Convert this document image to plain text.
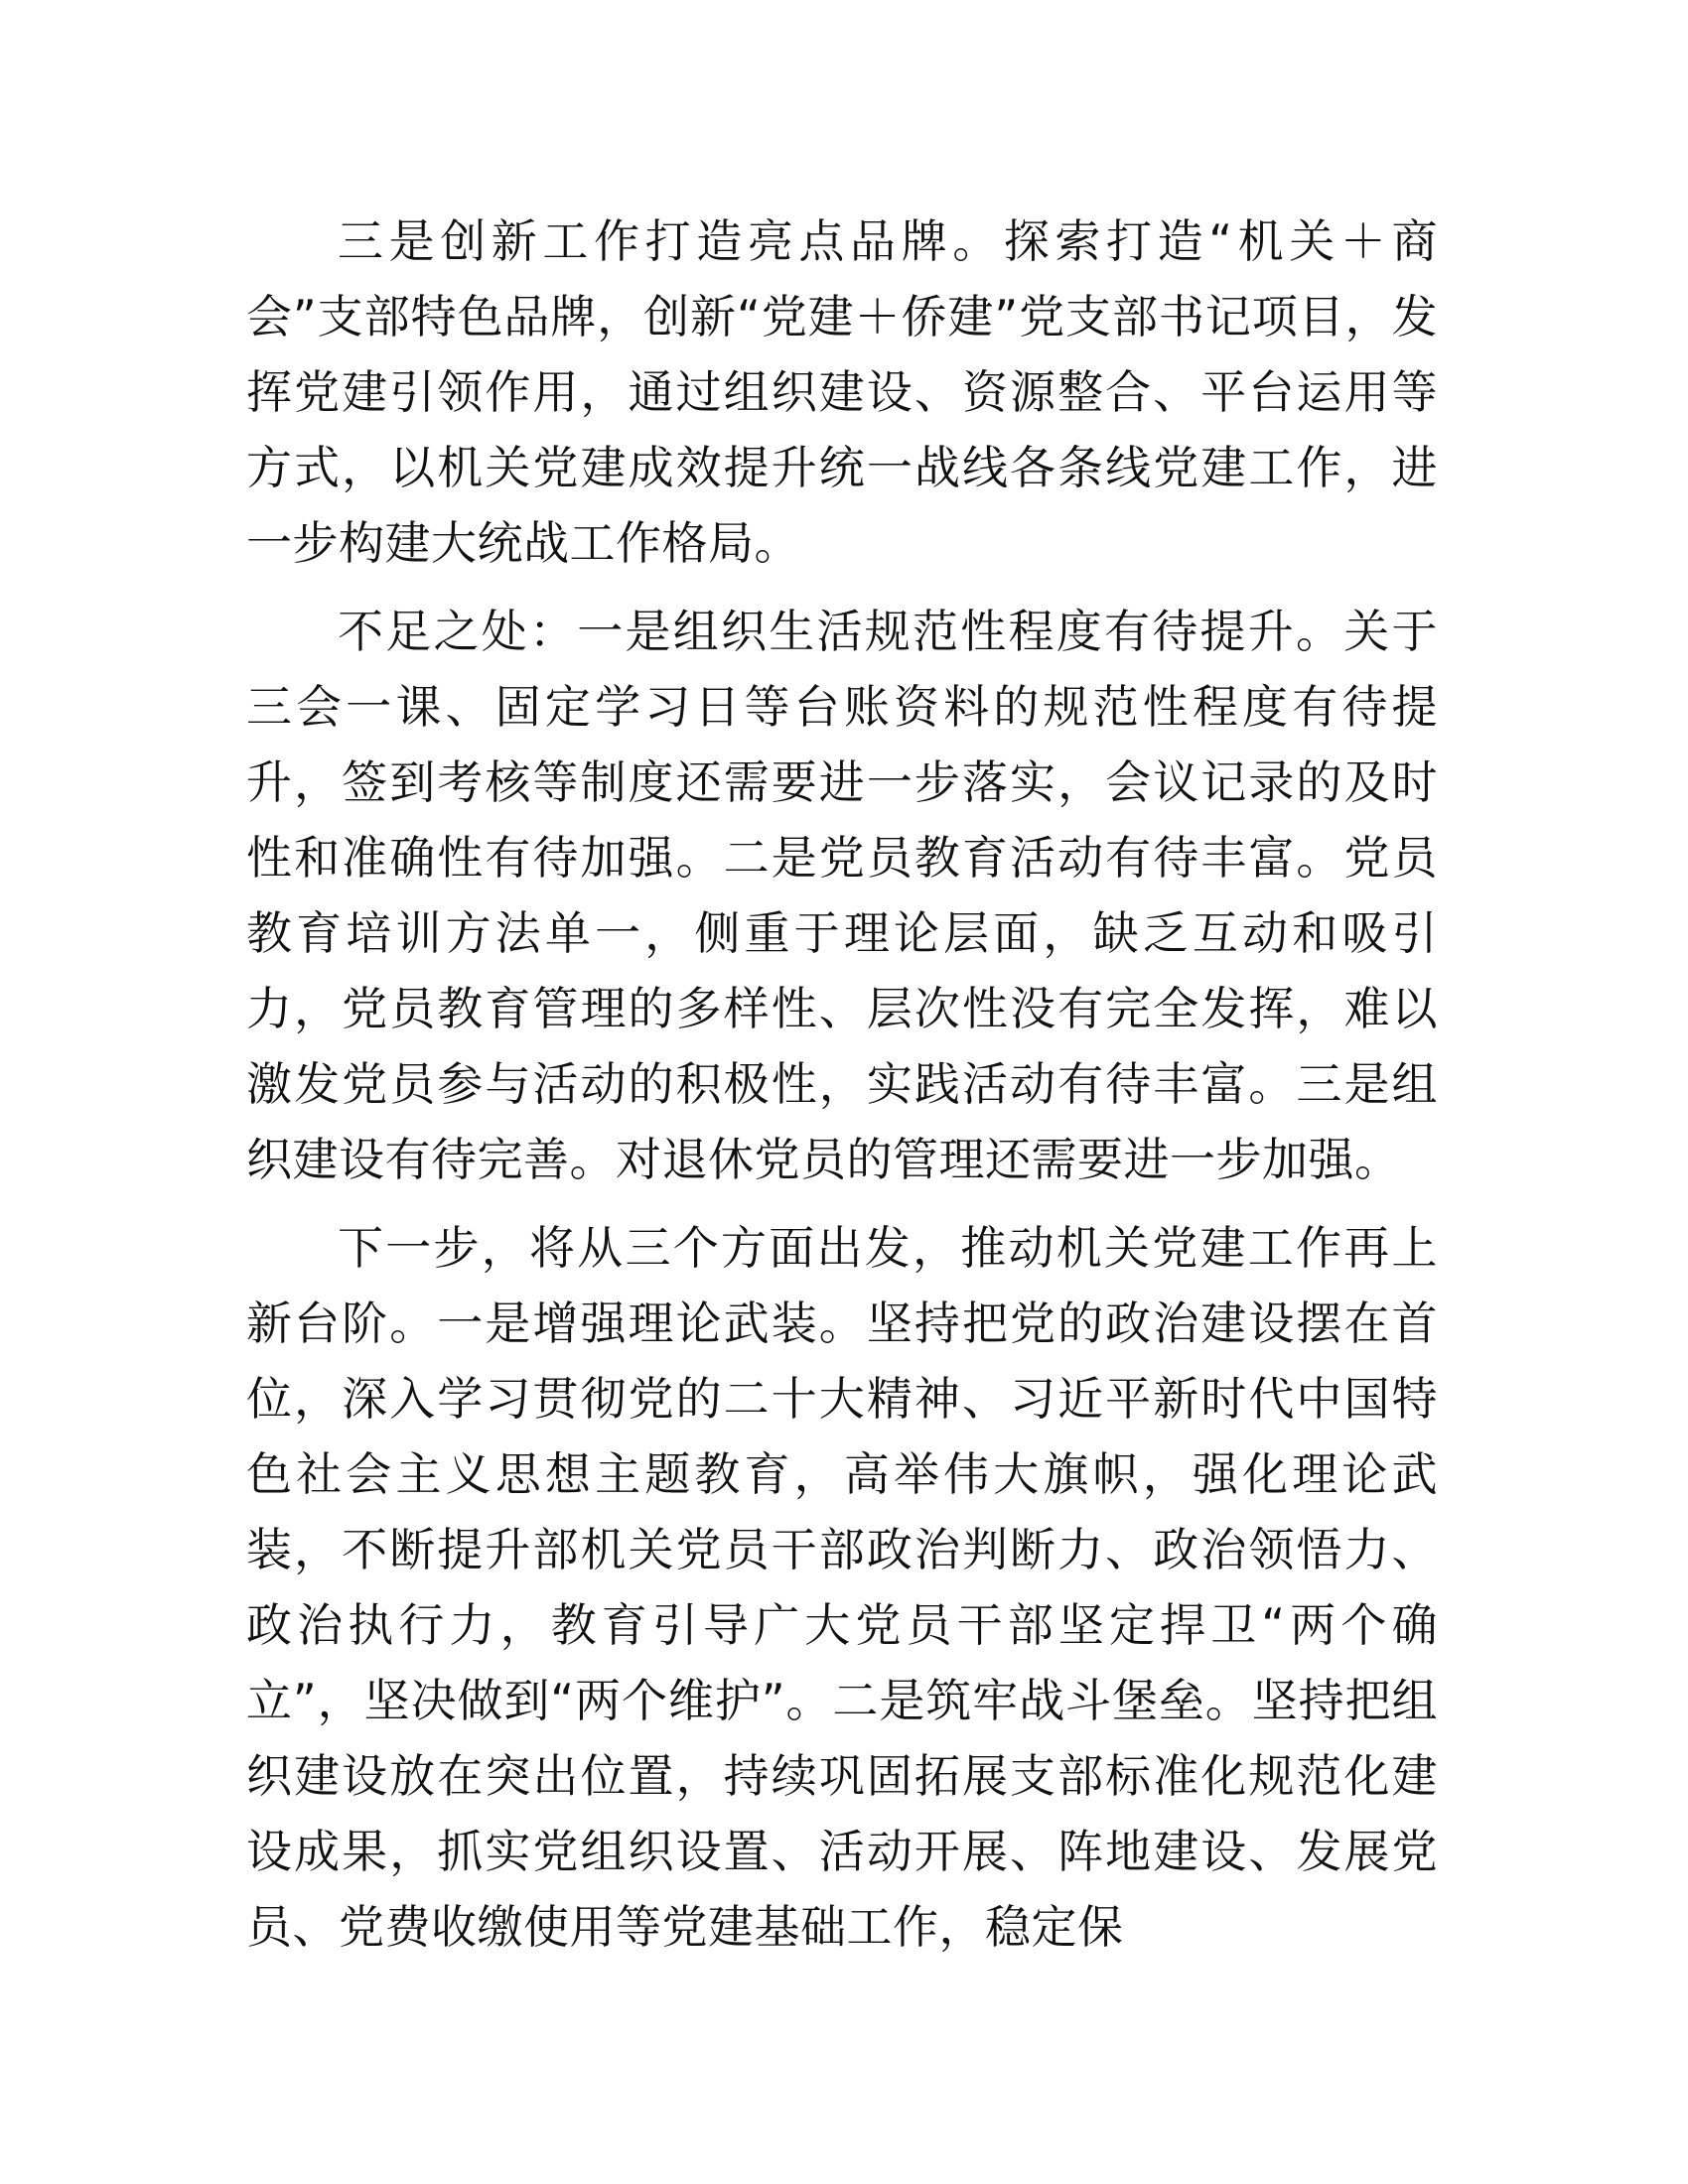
三是创新工作打造亮点品牌。探索打造“机关＋商会”支部特色品牌，创新“党建＋侨建”党支部书记项目，发挥党建引领作用，通过组织建设、资源整合、平台运用等方式，以机关党建成效提升统一战线各条线党建工作，进一步构建大统战工作格局。

不足之处：一是组织生活规范性程度有待提升。关于三会一课、固定学习日等台账资料的规范性程度有待提升，签到考核等制度还需要进一步落实，会议记录的及时性和准确性有待加强。二是党员教育活动有待丰富。党员教育培训方法单一，侧重于理论层面，缺乏互动和吸引力，党员教育管理的多样性、层次性没有完全发挥，难以激发党员参与活动的积极性，实践活动有待丰富。三是组织建设有待完善。对退休党员的管理还需要进一步加强。

下一步，将从三个方面出发，推动机关党建工作再上新台阶。一是增强理论武装。坚持把党的政治建设摆在首位，深入学习贯彻党的二十大精神、习近平新时代中国特色社会主义思想主题教育，高举伟大旗帜，强化理论武装，不断提升部机关党员干部政治判断力、政治领悟力、政治执行力，教育引导广大党员干部坚定捍卫“两个确立”，坚决做到“两个维护”。二是筑牢战斗堡垒。坚持把组织建设放在突出位置，持续巩固拓展支部标准化规范化建设成果，抓实党组织设置、活动开展、阵地建设、发展党员、党费收缴使用等党建基础工作，稳定保
